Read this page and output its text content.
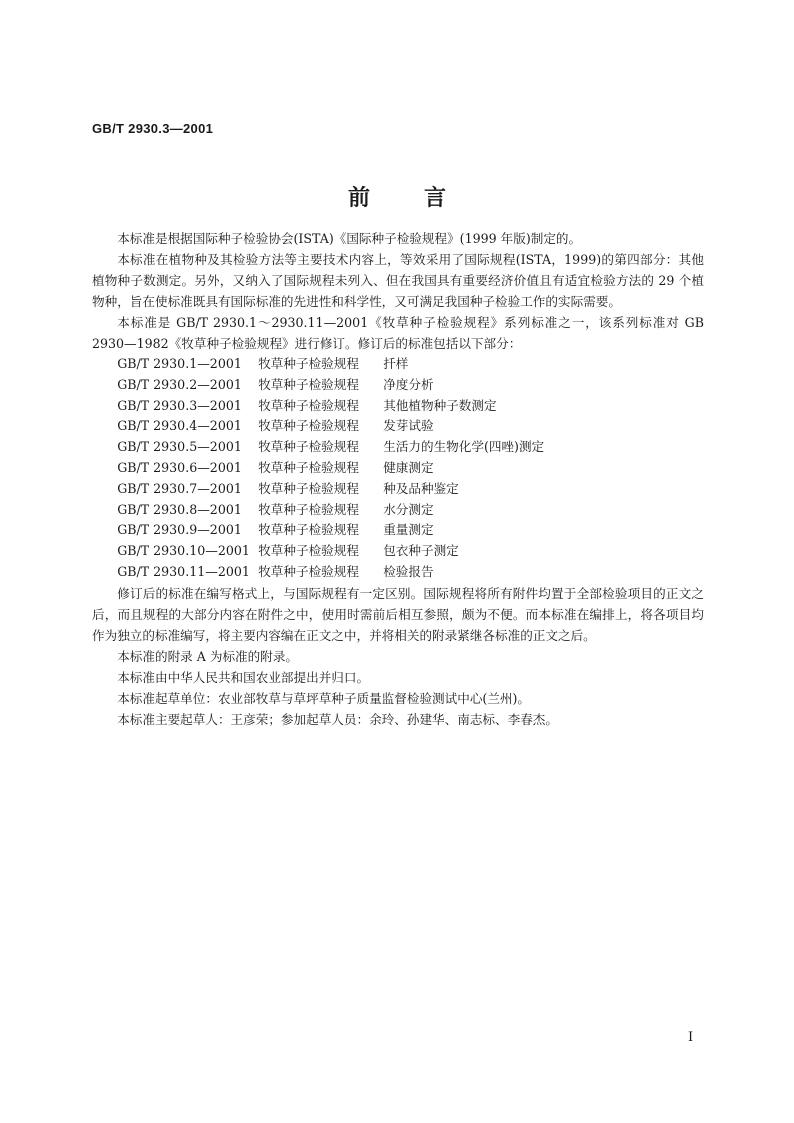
GB/T 2930.3—2001
前言

本标准是根据国际种子检验协会(ISTA)《国际种子检验规程》(1999 年版)制定的。

本标准在植物种及其检验方法等主要技术内容上，等效采用了国际规程(ISTA，1999)的第四部分：其他植物种子数测定。另外，又纳入了国际规程未列入、但在我国具有重要经济价值且有适宜检验方法的 29 个植物种，旨在使标准既具有国际标准的先进性和科学性，又可满足我国种子检验工作的实际需要。

本标准是 GB/T 2930.1～2930.11—2001《牧草种子检验规程》系列标准之一，该系列标准对 GB 2930—1982《牧草种子检验规程》进行修订。修订后的标准包括以下部分：

GB/T 2930.1—2001 牧草种子检验规程 扦样
GB/T 2930.2—2001 牧草种子检验规程 净度分析
GB/T 2930.3—2001 牧草种子检验规程 其他植物种子数测定
GB/T 2930.4—2001 牧草种子检验规程 发芽试验
GB/T 2930.5—2001 牧草种子检验规程 生活力的生物化学(四唑)测定
GB/T 2930.6—2001 牧草种子检验规程 健康测定
GB/T 2930.7—2001 牧草种子检验规程 种及品种鉴定
GB/T 2930.8—2001 牧草种子检验规程 水分测定
GB/T 2930.9—2001 牧草种子检验规程 重量测定
GB/T 2930.10—2001 牧草种子检验规程 包衣种子测定
GB/T 2930.11—2001 牧草种子检验规程 检验报告

修订后的标准在编写格式上，与国际规程有一定区别。国际规程将所有附件均置于全部检验项目的正文之后，而且规程的大部分内容在附件之中，使用时需前后相互参照，颇为不便。而本标准在编排上，将各项目均作为独立的标准编写，将主要内容编在正文之中，并将相关的附录紧继各标准的正文之后。

本标准的附录 A 为标准的附录。

本标准由中华人民共和国农业部提出并归口。

本标准起草单位：农业部牧草与草坪草种子质量监督检验测试中心(兰州)。

本标准主要起草人：王彦荣；参加起草人员：余玲、孙建华、南志标、李春杰。

I
